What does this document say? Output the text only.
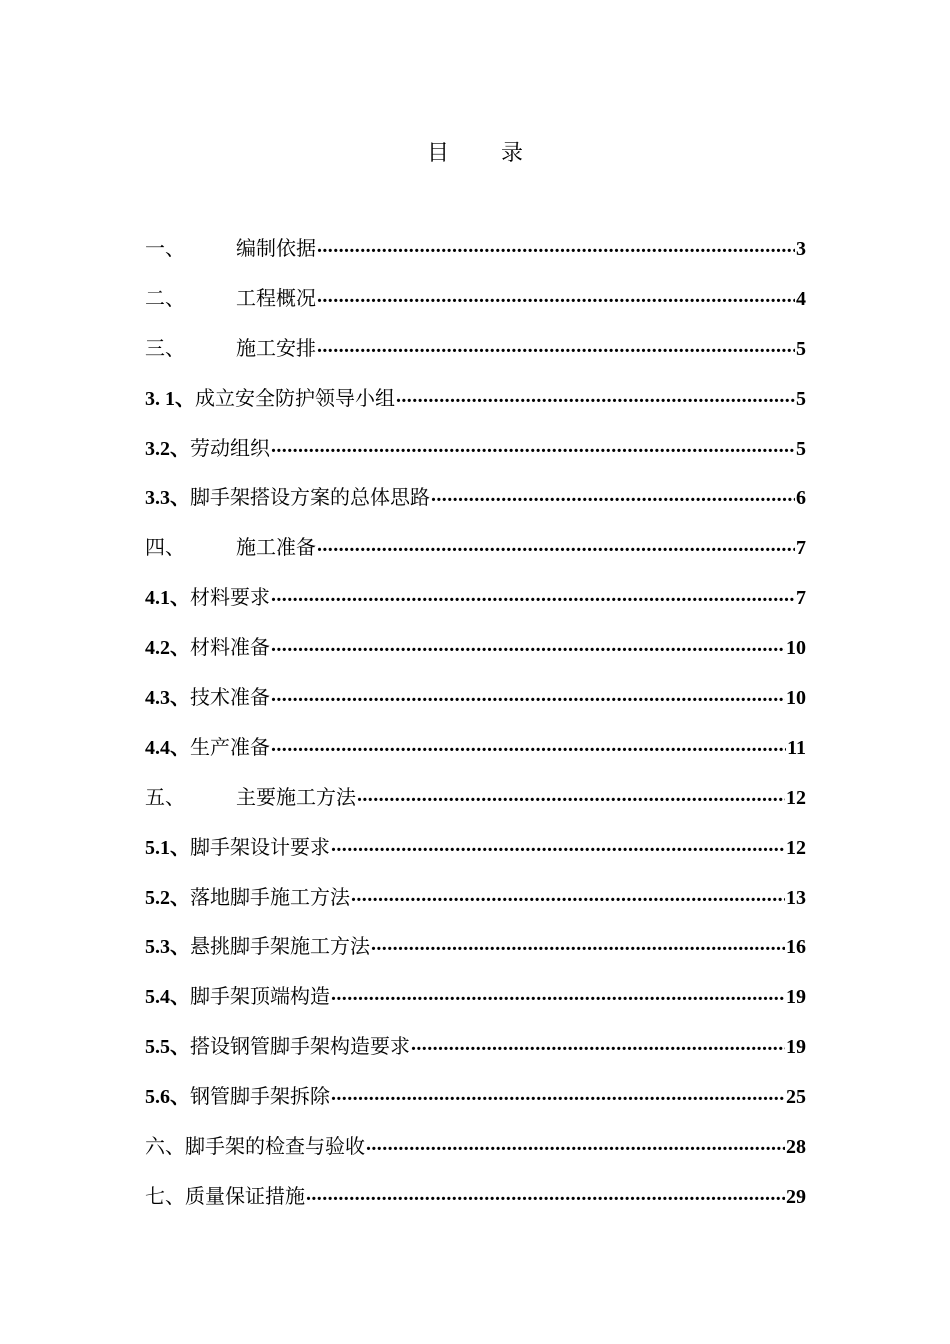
目 录
一、	编制依据 .....	3
二、	工程概况 .....	4
三、	施工安排 .....	5
3. 1、 成立安全防护领导小组 .....	5
3.2、 劳动组织 .....	5
3.3、 脚手架搭设方案的总体思路 .....	6
四、	施工准备 .....	7
4.1、 材料要求 .....	7
4.2、 材料准备 .....	10
4.3、 技术准备 .....	10
4.4、 生产准备 .....	11
五、	主要施工方法 .....	12
5.1、 脚手架设计要求 .....	12
5.2、 落地脚手施工方法 .....	13
5.3、 悬挑脚手架施工方法 .....	16
5.4、 脚手架顶端构造 .....	19
5.5、 搭设钢管脚手架构造要求 .....	19
5.6、 钢管脚手架拆除 .....	25
六、 脚手架的检查与验收 .....	28
七、 质量保证措施 .....	29
